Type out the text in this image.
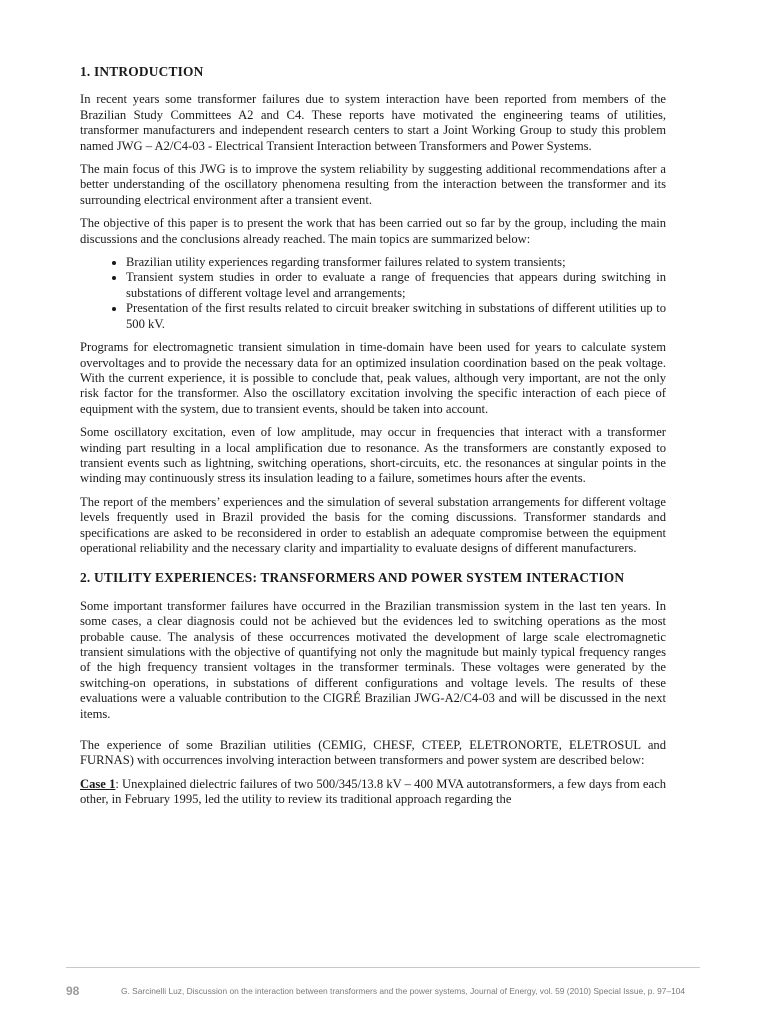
1. INTRODUCTION

In recent years some transformer failures due to system interaction have been reported from members of the Brazilian Study Committees A2 and C4. These reports have motivated the engineering teams of utilities, transformer manufacturers and independent research centers to start a Joint Working Group to study this problem named JWG – A2/C4-03 - Electrical Transient Interaction between Transformers and Power Systems.

The main focus of this JWG is to improve the system reliability by suggesting additional recommendations after a better understanding of the oscillatory phenomena resulting from the interaction between the transformer and its surrounding electrical environment after a transient event.

The objective of this paper is to present the work that has been carried out so far by the group, including the main discussions and the conclusions already reached. The main topics are summarized below:

• Brazilian utility experiences regarding transformer failures related to system transients;
• Transient system studies in order to evaluate a range of frequencies that appears during switching in substations of different voltage level and arrangements;
• Presentation of the first results related to circuit breaker switching in substations of different utilities up to 500 kV.

Programs for electromagnetic transient simulation in time-domain have been used for years to calculate system overvoltages and to provide the necessary data for an optimized insulation coordination based on the peak voltage. With the current experience, it is possible to conclude that, peak values, although very important, are not the only risk factor for the transformer. Also the oscillatory excitation involving the specific interaction of each piece of equipment with the system, due to transient events, should be taken into account.

Some oscillatory excitation, even of low amplitude, may occur in frequencies that interact with a transformer winding part resulting in a local amplification due to resonance. As the transformers are constantly exposed to transient events such as lightning, switching operations, short-circuits, etc. the resonances at singular points in the winding may continuously stress its insulation leading to a failure, sometimes hours after the events.

The report of the members’ experiences and the simulation of several substation arrangements for different voltage levels frequently used in Brazil provided the basis for the coming discussions. Transformer standards and specifications are asked to be reconsidered in order to establish an adequate compromise between the equipment operational reliability and the necessary clarity and impartiality to evaluate designs of different manufacturers.

2. UTILITY EXPERIENCES: TRANSFORMERS AND POWER SYSTEM INTERACTION

Some important transformer failures have occurred in the Brazilian transmission system in the last ten years. In some cases, a clear diagnosis could not be achieved but the evidences led to switching operations as the most probable cause. The analysis of these occurrences motivated the development of large scale electromagnetic transient simulations with the objective of quantifying not only the magnitude but mainly typical frequency ranges of the high frequency transient voltages in the transformer terminals. These voltages were generated by the switching-on operations, in substations of different configurations and voltage levels. The results of these evaluations were a valuable contribution to the CIGRÉ Brazilian JWG-A2/C4-03 and will be discussed in the next items.

The experience of some Brazilian utilities (CEMIG, CHESF, CTEEP, ELETRONORTE, ELETROSUL and FURNAS) with occurrences involving interaction between transformers and power system are described below:

Case 1: Unexplained dielectric failures of two 500/345/13.8 kV – 400 MVA autotransformers, a few days from each other, in February 1995, led the utility to review its traditional approach regarding the

98	G. Sarcinelli Luz, Discussion on the interaction between transformers and the power systems, Journal of Energy, vol. 59 (2010) Special Issue, p. 97–104
